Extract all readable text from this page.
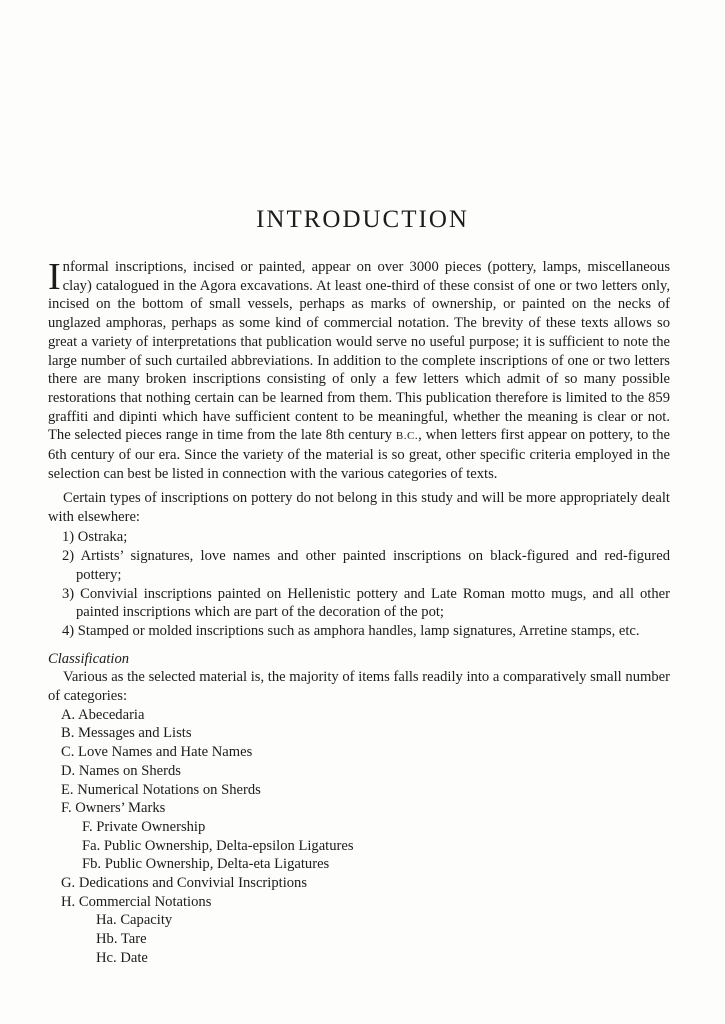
INTRODUCTION

Informal inscriptions, incised or painted, appear on over 3000 pieces (pottery, lamps, miscellaneous clay) catalogued in the Agora excavations. At least one-third of these consist of one or two letters only, incised on the bottom of small vessels, perhaps as marks of ownership, or painted on the necks of unglazed amphoras, perhaps as some kind of commercial notation. The brevity of these texts allows so great a variety of interpretations that publication would serve no useful purpose; it is sufficient to note the large number of such curtailed abbreviations. In addition to the complete inscriptions of one or two letters there are many broken inscriptions consisting of only a few letters which admit of so many possible restorations that nothing certain can be learned from them. This publication therefore is limited to the 859 graffiti and dipinti which have sufficient content to be meaningful, whether the meaning is clear or not. The selected pieces range in time from the late 8th century B.C., when letters first appear on pottery, to the 6th century of our era. Since the variety of the material is so great, other specific criteria employed in the selection can best be listed in connection with the various categories of texts.

Certain types of inscriptions on pottery do not belong in this study and will be more appropriately dealt with elsewhere:

1) Ostraka;
2) Artists’ signatures, love names and other painted inscriptions on black-figured and red-figured pottery;
3) Convivial inscriptions painted on Hellenistic pottery and Late Roman motto mugs, and all other painted inscriptions which are part of the decoration of the pot;
4) Stamped or molded inscriptions such as amphora handles, lamp signatures, Arretine stamps, etc.
Classification

Various as the selected material is, the majority of items falls readily into a comparatively small number of categories:

A. Abecedaria
B. Messages and Lists
C. Love Names and Hate Names
D. Names on Sherds
E. Numerical Notations on Sherds
F. Owners’ Marks
F. Private Ownership
Fa. Public Ownership, Delta-epsilon Ligatures
Fb. Public Ownership, Delta-eta Ligatures
G. Dedications and Convivial Inscriptions
H. Commercial Notations
Ha. Capacity
Hb. Tare
Hc. Date
